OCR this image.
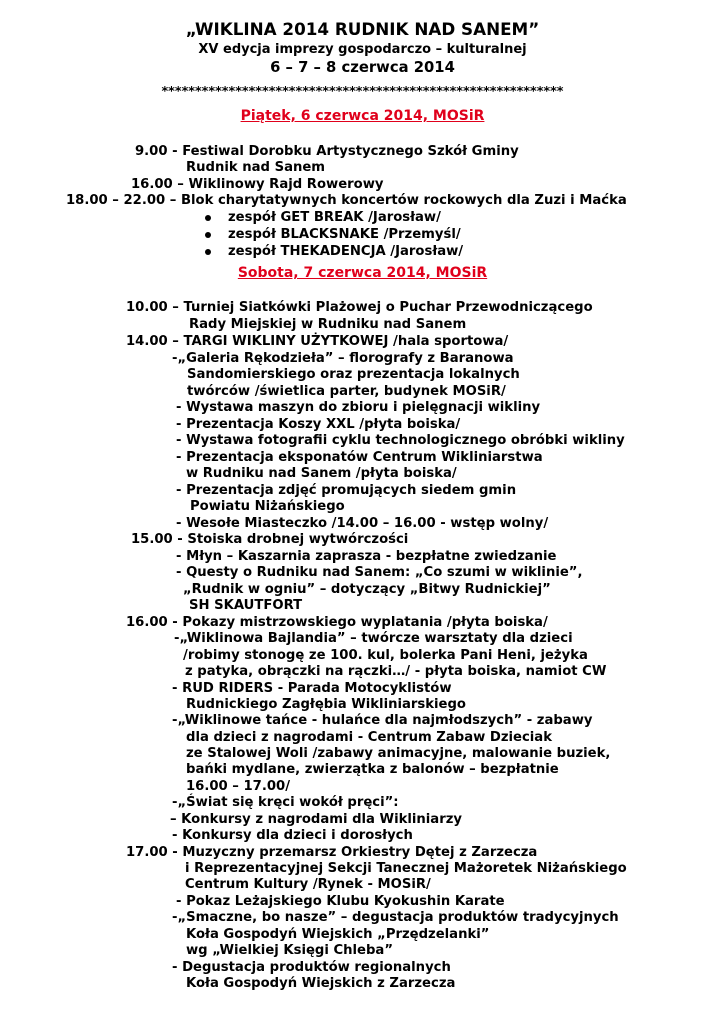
„WIKLINA 2014 RUDNIK NAD SANEM”
XV edycja imprezy gospodarczo – kulturalnej
6 – 7 – 8 czerwca 2014
************************************************************
Piątek, 6 czerwca 2014, MOSiR
9.00 - Festiwal Dorobku Artystycznego Szkół Gminy
Rudnik nad Sanem
16.00 – Wiklinowy Rajd Rowerowy
18.00 – 22.00 – Blok charytatywnych koncertów rockowych dla Zuzi i Maćka
zespół GET BREAK /Jarosław/
zespół BLACKSNAKE /Przemyśl/
zespół THEKADENCJA /Jarosław/
Sobota, 7 czerwca 2014, MOSiR
10.00 – Turniej Siatkówki Plażowej o Puchar Przewodniczącego
Rady Miejskiej w Rudniku nad Sanem
14.00 – TARGI WIKLINY UŻYTKOWEJ /hala sportowa/
-„Galeria Rękodzieła” – florografy z Baranowa
Sandomierskiego oraz prezentacja lokalnych
twórców /świetlica parter, budynek MOSiR/
- Wystawa maszyn do zbioru i pielęgnacji wikliny
- Prezentacja Koszy XXL /płyta boiska/
- Wystawa fotografii cyklu technologicznego obróbki wikliny
- Prezentacja eksponatów Centrum Wikliniarstwa
w Rudniku nad Sanem /płyta boiska/
- Prezentacja zdjęć promujących siedem gmin
Powiatu Niżańskiego
- Wesołe Miasteczko /14.00 – 16.00 - wstęp wolny/
15.00 - Stoiska drobnej wytwórczości
- Młyn – Kaszarnia zaprasza - bezpłatne zwiedzanie
- Questy o Rudniku nad Sanem: „Co szumi w wiklinie”,
„Rudnik w ogniu” – dotyczący „Bitwy Rudnickiej”
SH SKAUTFORT
16.00 - Pokazy mistrzowskiego wyplatania /płyta boiska/
-„Wiklinowa Bajlandia” – twórcze warsztaty dla dzieci
/robimy stonogę ze 100. kul, bolerka Pani Heni, jeżyka
z patyka, obrączki na rączki…/ - płyta boiska, namiot CW
- RUD RIDERS - Parada Motocyklistów
Rudnickiego Zagłębia Wikliniarskiego
-„Wiklinowe tańce - hulańce dla najmłodszych” - zabawy
dla dzieci z nagrodami - Centrum Zabaw Dzieciak
ze Stalowej Woli /zabawy animacyjne, malowanie buziek,
bańki mydlane, zwierzątka z balonów – bezpłatnie
16.00 – 17.00/
-„Świat się kręci wokół pręci”:
– Konkursy z nagrodami dla Wikliniarzy
- Konkursy dla dzieci i dorosłych
17.00 - Muzyczny przemarsz Orkiestry Dętej z Zarzecza
i Reprezentacyjnej Sekcji Tanecznej Mażoretek Niżańskiego
Centrum Kultury /Rynek - MOSiR/
- Pokaz Leżajskiego Klubu Kyokushin Karate
-„Smaczne, bo nasze” – degustacja produktów tradycyjnych
Koła Gospodyń Wiejskich „Przędzelanki”
wg „Wielkiej Księgi Chleba”
- Degustacja produktów regionalnych
Koła Gospodyń Wiejskich z Zarzecza
